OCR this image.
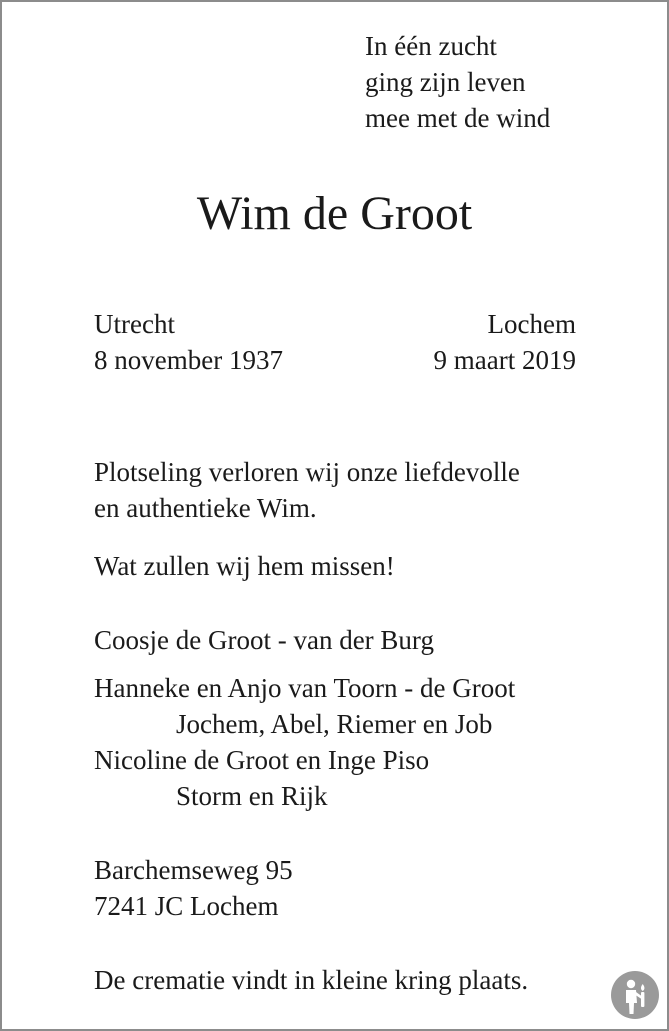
In één zucht
ging zijn leven
mee met de wind
Wim de Groot
Utrecht
8 november 1937
Lochem
9 maart 2019
Plotseling verloren wij onze liefdevolle
en authentieke Wim.
Wat zullen wij hem missen!
Coosje de Groot - van der Burg
Hanneke en Anjo van Toorn - de Groot
Jochem, Abel, Riemer en Job
Nicoline de Groot en Inge Piso
Storm en Rijk
Barchemseweg 95
7241 JC Lochem
De crematie vindt in kleine kring plaats.
